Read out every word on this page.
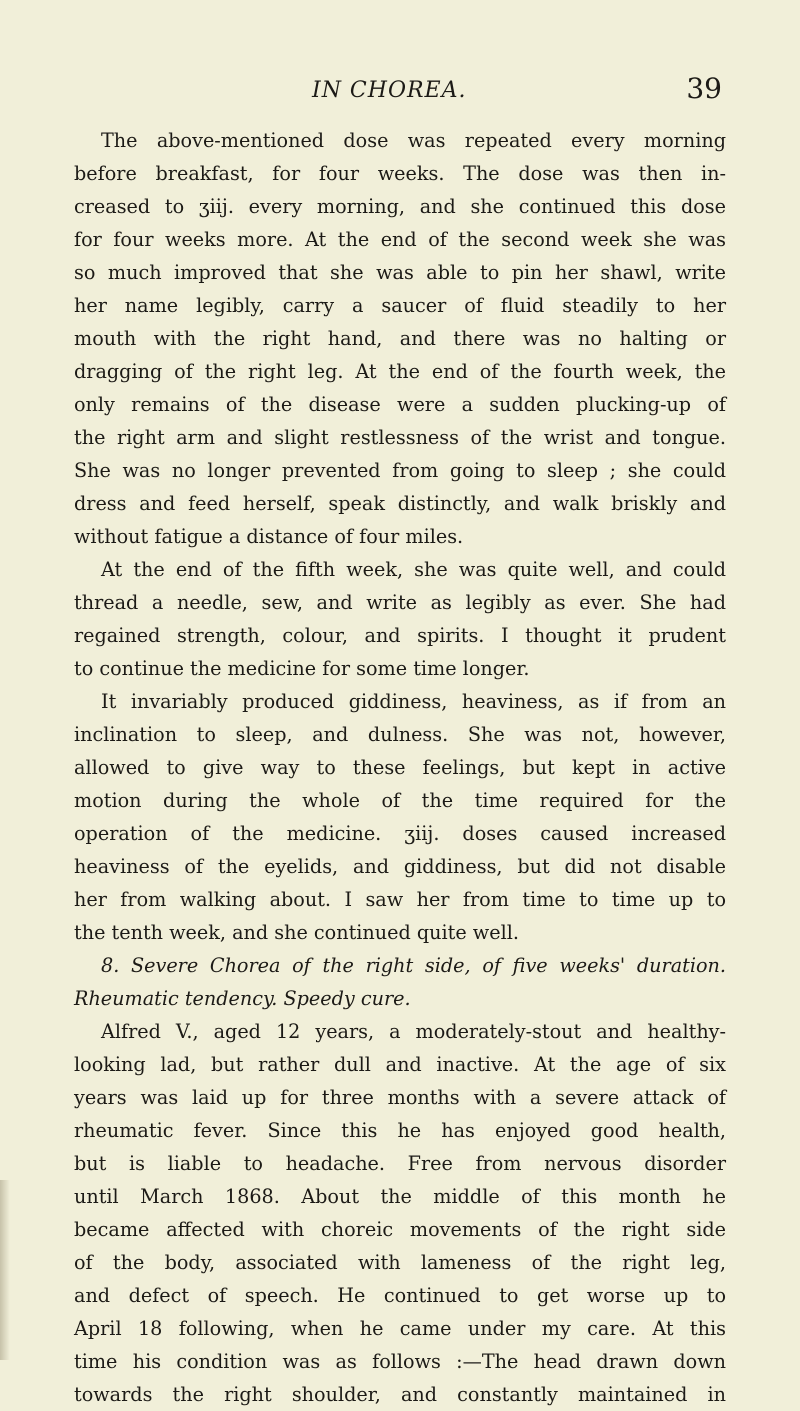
IN CHOREA.	39
The above-mentioned dose was repeated every morning
before breakfast, for four weeks. The dose was then in-
creased to ʒiij. every morning, and she continued this dose
for four weeks more. At the end of the second week she was
so much improved that she was able to pin her shawl, write
her name legibly, carry a saucer of fluid steadily to her
mouth with the right hand, and there was no halting or
dragging of the right leg. At the end of the fourth week, the
only remains of the disease were a sudden plucking-up of
the right arm and slight restlessness of the wrist and tongue.
She was no longer prevented from going to sleep ; she could
dress and feed herself, speak distinctly, and walk briskly and
without fatigue a distance of four miles.
At the end of the fifth week, she was quite well, and could
thread a needle, sew, and write as legibly as ever. She had
regained strength, colour, and spirits. I thought it prudent
to continue the medicine for some time longer.
It invariably produced giddiness, heaviness, as if from an
inclination to sleep, and dulness. She was not, however,
allowed to give way to these feelings, but kept in active
motion during the whole of the time required for the
operation of the medicine. ʒiij. doses caused increased
heaviness of the eyelids, and giddiness, but did not disable
her from walking about. I saw her from time to time up to
the tenth week, and she continued quite well.
8. Severe Chorea of the right side, of five weeks' duration.
Rheumatic tendency. Speedy cure.
Alfred V., aged 12 years, a moderately-stout and healthy-
looking lad, but rather dull and inactive. At the age of six
years was laid up for three months with a severe attack of
rheumatic fever. Since this he has enjoyed good health,
but is liable to headache. Free from nervous disorder
until March 1868. About the middle of this month he
became affected with choreic movements of the right side
of the body, associated with lameness of the right leg,
and defect of speech. He continued to get worse up to
April 18 following, when he came under my care. At this
time his condition was as follows :—The head drawn down
towards the right shoulder, and constantly maintained in
